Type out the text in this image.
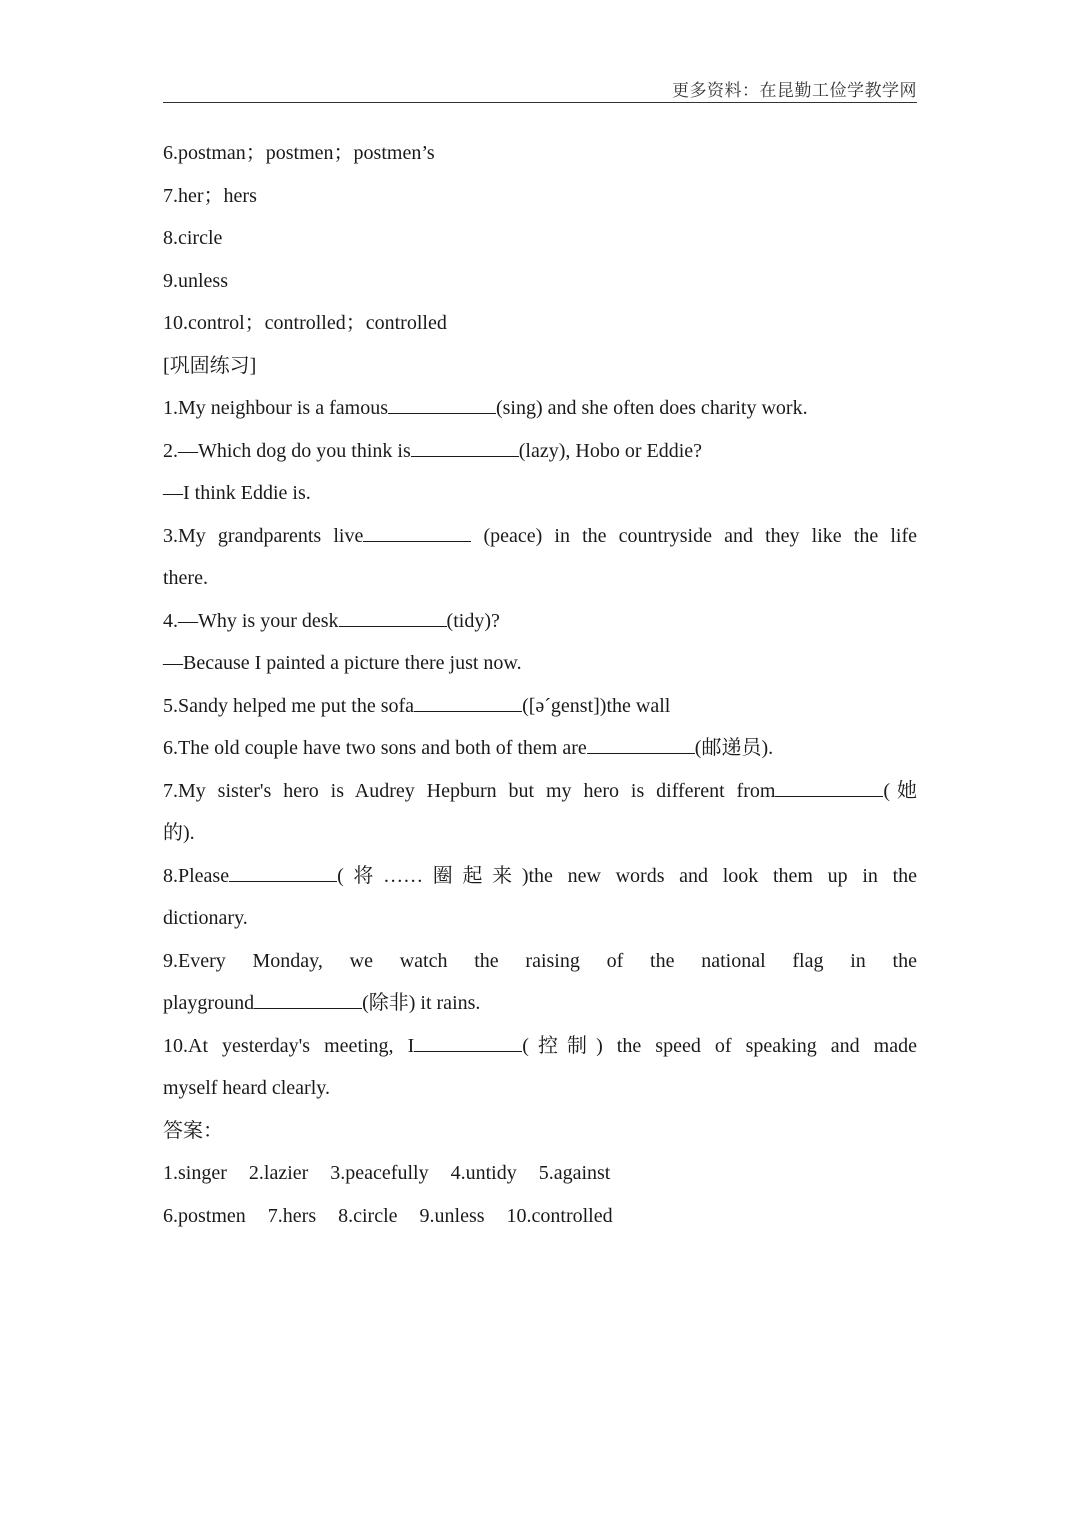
更多资料：在昆勤工俭学教学网
6.postman；postmen；postmen’s
7.her；hers
8.circle
9.unless
10.control；controlled；controlled
[巩固练习]
1.My neighbour is a famous	(sing) and she often does charity work.
2.—Which dog do you think is	(lazy), Hobo or Eddie?
—I think Eddie is.
3.My grandparents live	(peace) in the countryside and they like the life
there.
4.—Why is your desk	(tidy)?
—Because I painted a picture there just now.
5.Sandy helped me put the sofa	([ə´genst])the wall
6.The old couple have two sons and both of them are	(邮递员).
7.My sister's hero is Audrey Hepburn but my hero is different from	(她
的).
8.Please	(将……圈起来)the new words and look them up in the
dictionary.
9.Every Monday, we watch the raising of the national flag in the
playground	(除非) it rains.
10.At yesterday's meeting, I	(控制) the speed of speaking and made
myself heard clearly.
答案：
1.singer 2.lazier 3.peacefully 4.untidy 5.against
6.postmen 7.hers 8.circle 9.unless 10.controlled
